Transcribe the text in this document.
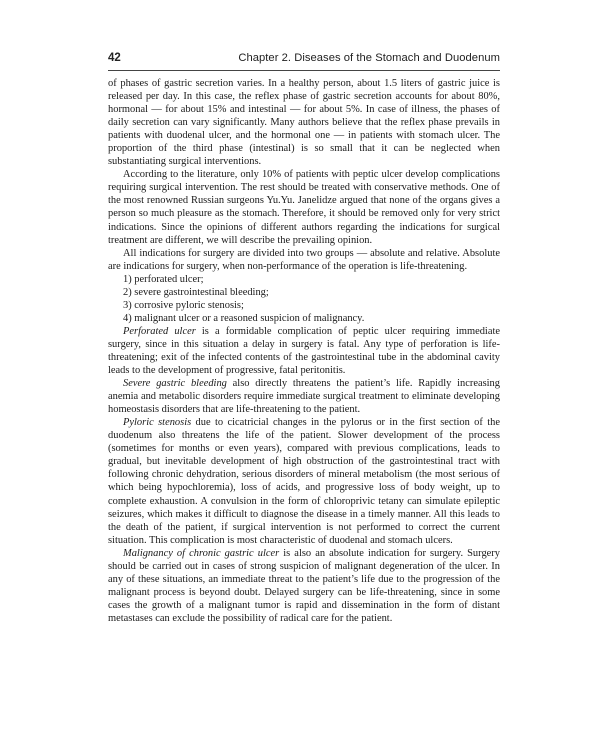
42	Chapter 2. Diseases of the Stomach and Duodenum

of phases of gastric secretion varies. In a healthy person, about 1.5 liters of gastric juice is released per day. In this case, the reflex phase of gastric secretion accounts for about 80%, hormonal — for about 15% and intestinal — for about 5%. In case of illness, the phases of daily secretion can vary significantly. Many authors believe that the reflex phase prevails in patients with duodenal ulcer, and the hormonal one — in patients with stomach ulcer. The proportion of the third phase (intestinal) is so small that it can be neglected when substantiating surgical interventions.

According to the literature, only 10% of patients with peptic ulcer develop complications requiring surgical intervention. The rest should be treated with conservative methods. One of the most renowned Russian surgeons Yu.Yu. Janelidze argued that none of the organs gives a person so much pleasure as the stomach. Therefore, it should be removed only for very strict indications. Since the opinions of different authors regarding the indications for surgical treatment are different, we will describe the prevailing opinion.

All indications for surgery are divided into two groups — absolute and relative. Absolute are indications for surgery, when non-performance of the operation is life-threatening.

1) perforated ulcer;

2) severe gastrointestinal bleeding;

3) corrosive pyloric stenosis;

4) malignant ulcer or a reasoned suspicion of malignancy.

Perforated ulcer is a formidable complication of peptic ulcer requiring immediate surgery, since in this situation a delay in surgery is fatal. Any type of perforation is life-threatening; exit of the infected contents of the gastrointestinal tube in the abdominal cavity leads to the development of progressive, fatal peritonitis.

Severe gastric bleeding also directly threatens the patient’s life. Rapidly increasing anemia and metabolic disorders require immediate surgical treatment to eliminate developing homeostasis disorders that are life-threatening to the patient.

Pyloric stenosis due to cicatricial changes in the pylorus or in the first section of the duodenum also threatens the life of the patient. Slower development of the process (sometimes for months or even years), compared with previous complications, leads to gradual, but inevitable development of high obstruction of the gastrointestinal tract with following chronic dehydration, serious disorders of mineral metabolism (the most serious of which being hypochloremia), loss of acids, and progressive loss of body weight, up to complete exhaustion. A convulsion in the form of chloroprivic tetany can simulate epileptic seizures, which makes it difficult to diagnose the disease in a timely manner. All this leads to the death of the patient, if surgical intervention is not performed to correct the current situation. This complication is most characteristic of duodenal and stomach ulcers.

Malignancy of chronic gastric ulcer is also an absolute indication for surgery. Surgery should be carried out in cases of strong suspicion of malignant degeneration of the ulcer. In any of these situations, an immediate threat to the patient’s life due to the progression of the malignant process is beyond doubt. Delayed surgery can be life-threatening, since in some cases the growth of a malignant tumor is rapid and dissemination in the form of distant metastases can exclude the possibility of radical care for the patient.
